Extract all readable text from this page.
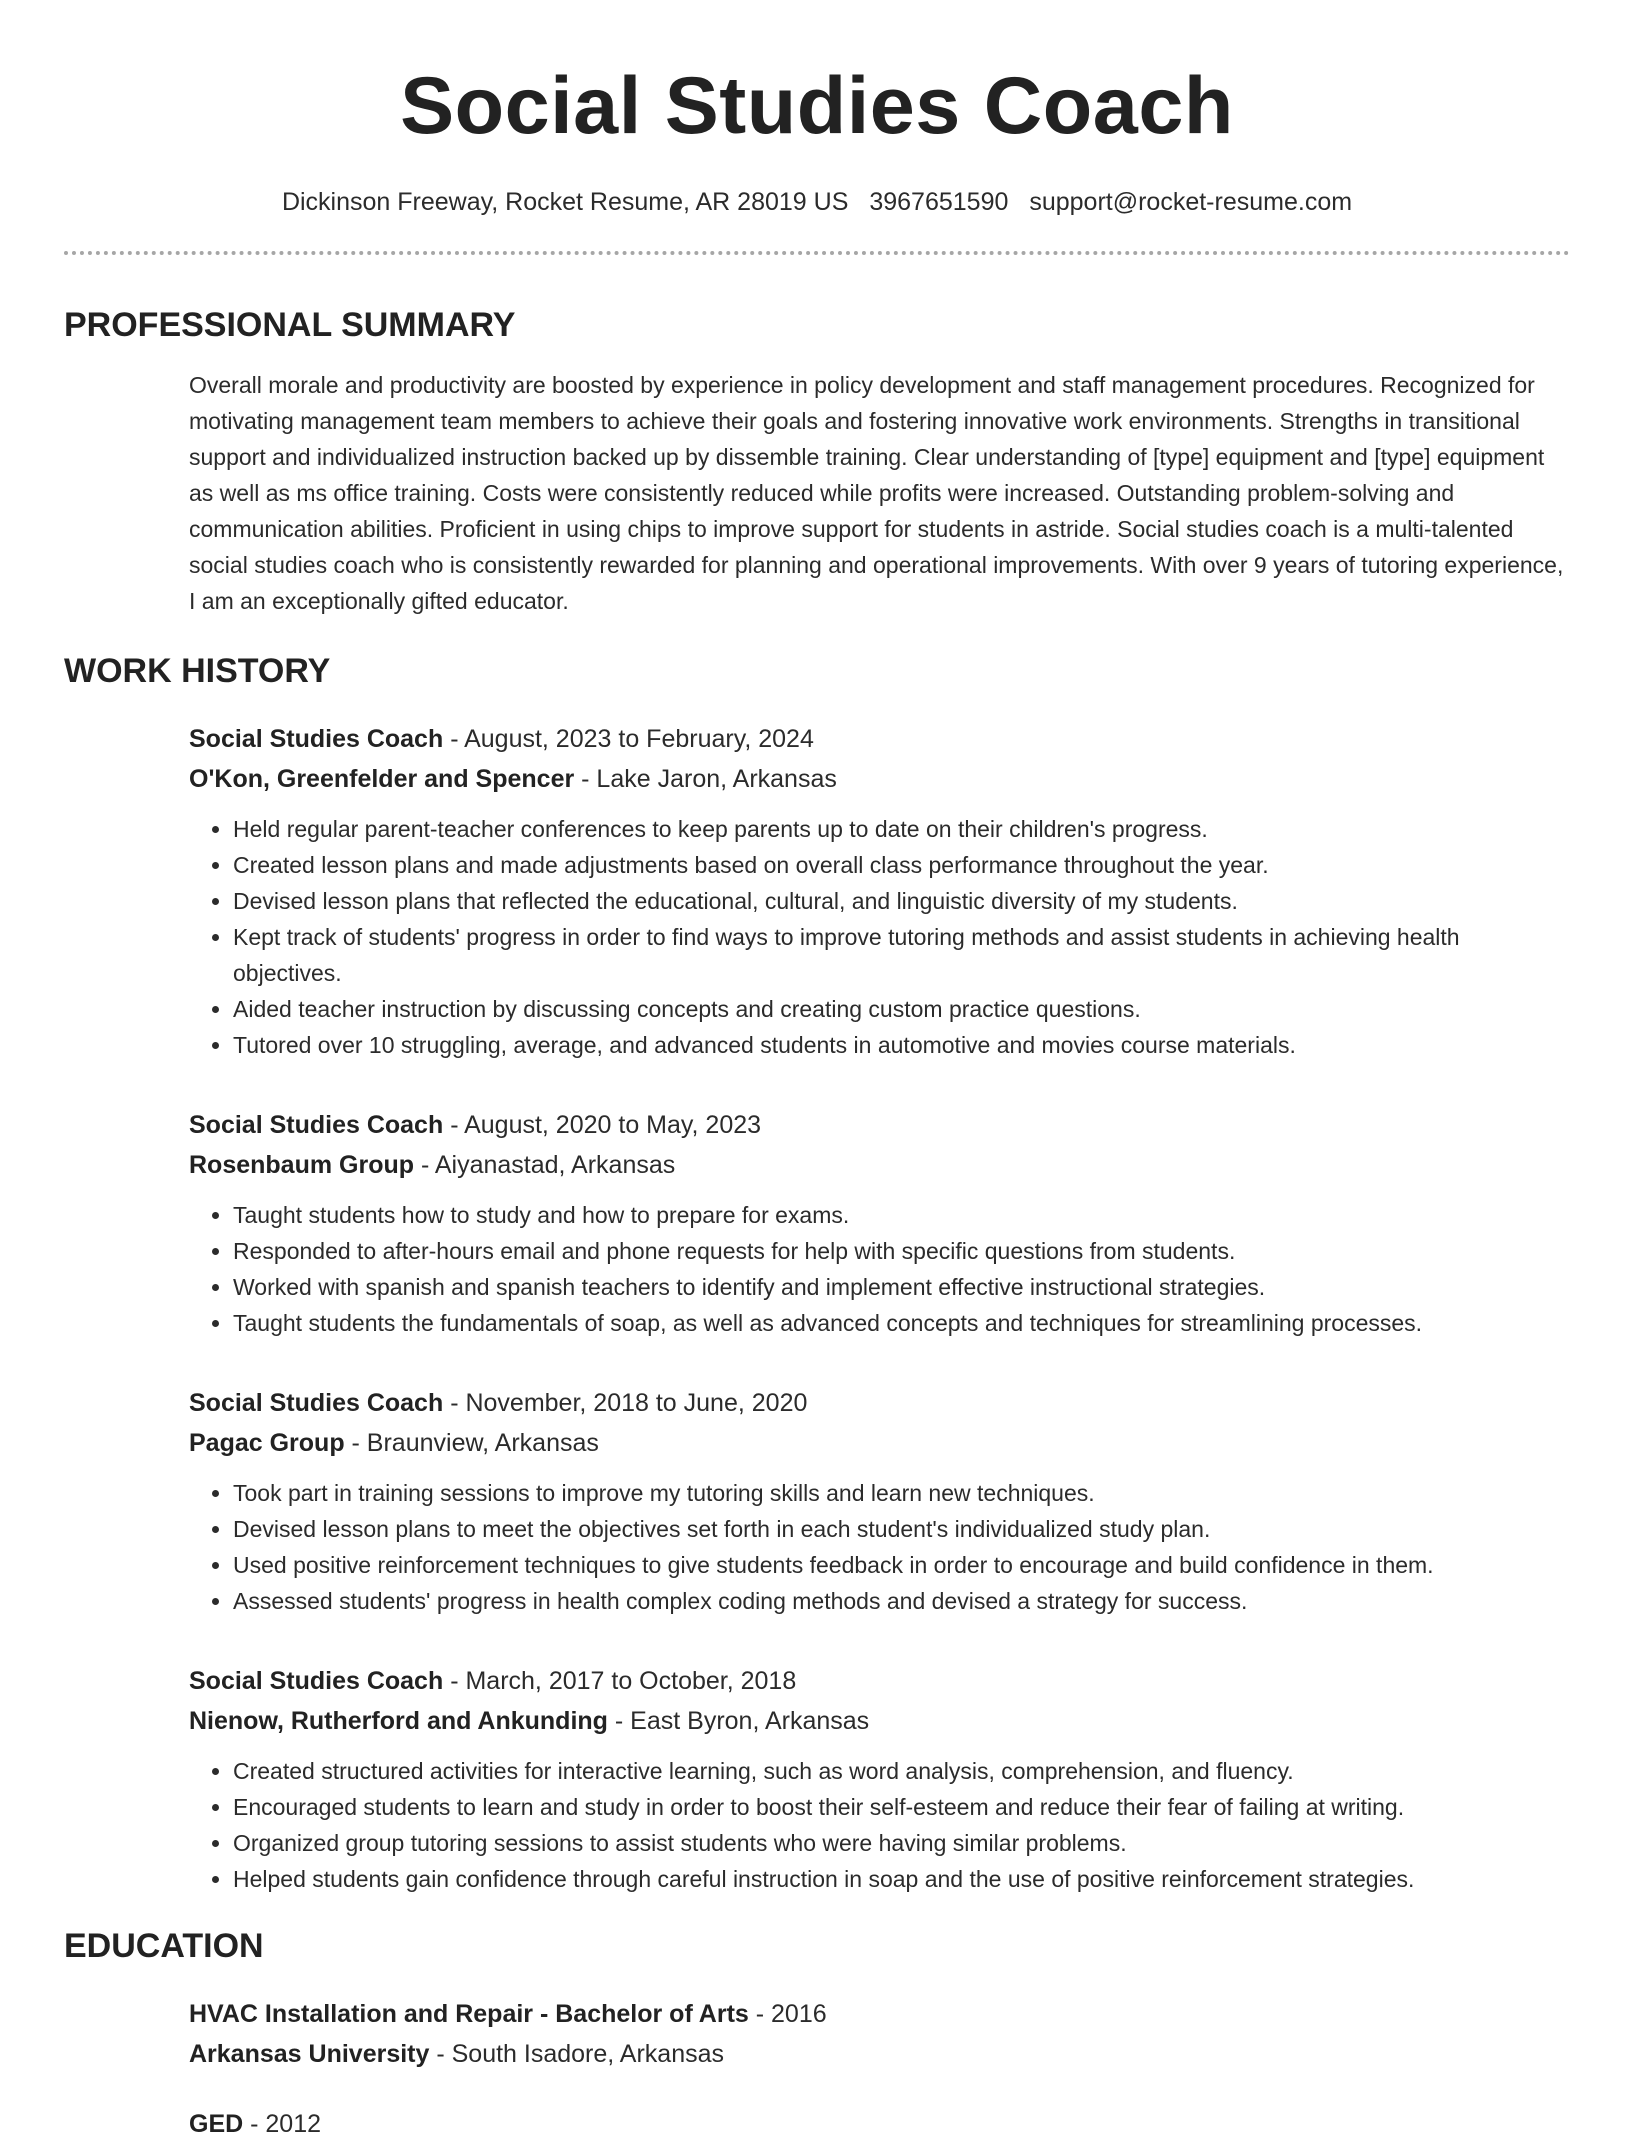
Social Studies Coach
Dickinson Freeway, Rocket Resume, AR 28019 US 3967651590 support@rocket-resume.com
PROFESSIONAL SUMMARY

Overall morale and productivity are boosted by experience in policy development and staff management procedures. Recognized for motivating management team members to achieve their goals and fostering innovative work environments. Strengths in transitional support and individualized instruction backed up by dissemble training. Clear understanding of [type] equipment and [type] equipment as well as ms office training. Costs were consistently reduced while profits were increased. Outstanding problem-solving and communication abilities. Proficient in using chips to improve support for students in astride. Social studies coach is a multi-talented social studies coach who is consistently rewarded for planning and operational improvements. With over 9 years of tutoring experience, I am an exceptionally gifted educator.

WORK HISTORY
Social Studies Coach - August, 2023 to February, 2024
O'Kon, Greenfelder and Spencer - Lake Jaron, Arkansas
• Held regular parent-teacher conferences to keep parents up to date on their children's progress.
• Created lesson plans and made adjustments based on overall class performance throughout the year.
• Devised lesson plans that reflected the educational, cultural, and linguistic diversity of my students.
• Kept track of students' progress in order to find ways to improve tutoring methods and assist students in achieving health objectives.
• Aided teacher instruction by discussing concepts and creating custom practice questions.
• Tutored over 10 struggling, average, and advanced students in automotive and movies course materials.
Social Studies Coach - August, 2020 to May, 2023
Rosenbaum Group - Aiyanastad, Arkansas
• Taught students how to study and how to prepare for exams.
• Responded to after-hours email and phone requests for help with specific questions from students.
• Worked with spanish and spanish teachers to identify and implement effective instructional strategies.
• Taught students the fundamentals of soap, as well as advanced concepts and techniques for streamlining processes.
Social Studies Coach - November, 2018 to June, 2020
Pagac Group - Braunview, Arkansas
• Took part in training sessions to improve my tutoring skills and learn new techniques.
• Devised lesson plans to meet the objectives set forth in each student's individualized study plan.
• Used positive reinforcement techniques to give students feedback in order to encourage and build confidence in them.
• Assessed students' progress in health complex coding methods and devised a strategy for success.
Social Studies Coach - March, 2017 to October, 2018
Nienow, Rutherford and Ankunding - East Byron, Arkansas
• Created structured activities for interactive learning, such as word analysis, comprehension, and fluency.
• Encouraged students to learn and study in order to boost their self-esteem and reduce their fear of failing at writing.
• Organized group tutoring sessions to assist students who were having similar problems.
• Helped students gain confidence through careful instruction in soap and the use of positive reinforcement strategies.
EDUCATION
HVAC Installation and Repair - Bachelor of Arts - 2016
Arkansas University - South Isadore, Arkansas
GED - 2012
